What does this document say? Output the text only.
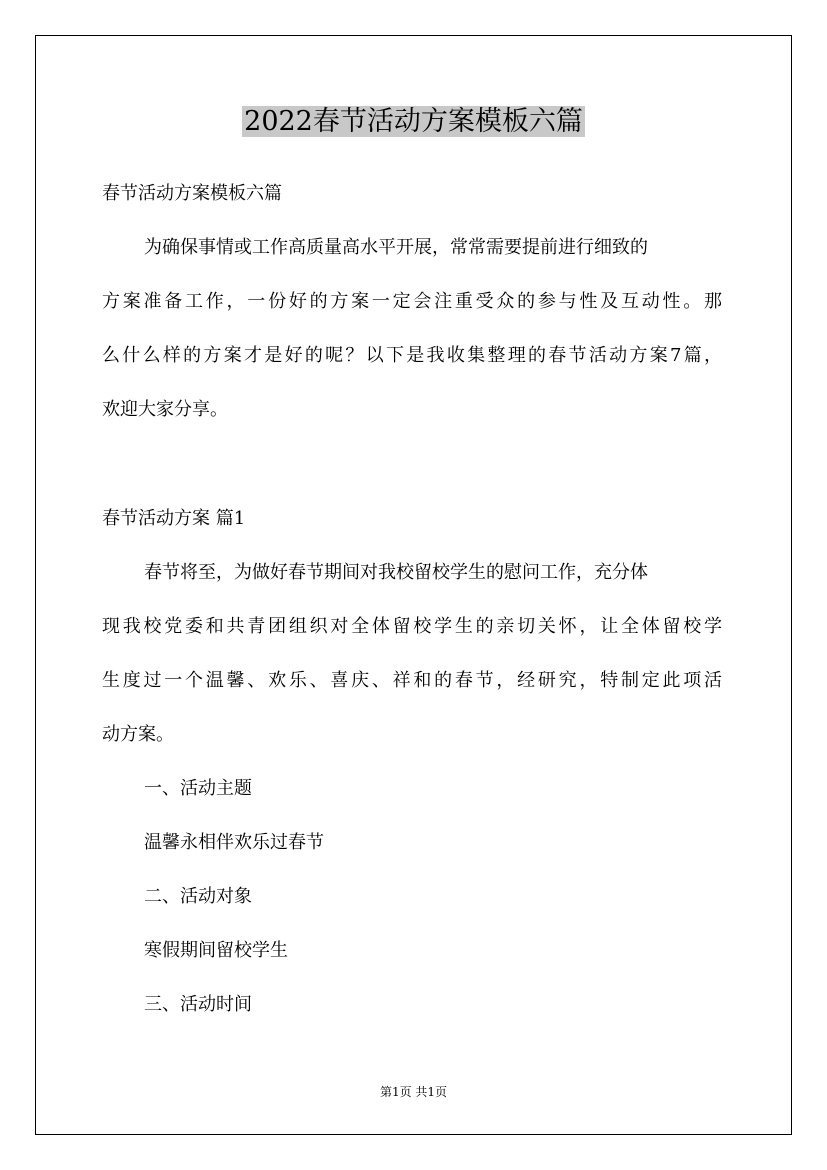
2022春节活动方案模板六篇
春节活动方案模板六篇
为确保事情或工作高质量高水平开展，常常需要提前进行细致的
方案准备工作，一份好的方案一定会注重受众的参与性及互动性。那
么什么样的方案才是好的呢？以下是我收集整理的春节活动方案7篇，
欢迎大家分享。
春节活动方案 篇1
春节将至，为做好春节期间对我校留校学生的慰问工作，充分体
现我校党委和共青团组织对全体留校学生的亲切关怀，让全体留校学
生度过一个温馨、欢乐、喜庆、祥和的春节，经研究，特制定此项活
动方案。
一、活动主题
温馨永相伴欢乐过春节
二、活动对象
寒假期间留校学生
三、活动时间
第1页 共1页
